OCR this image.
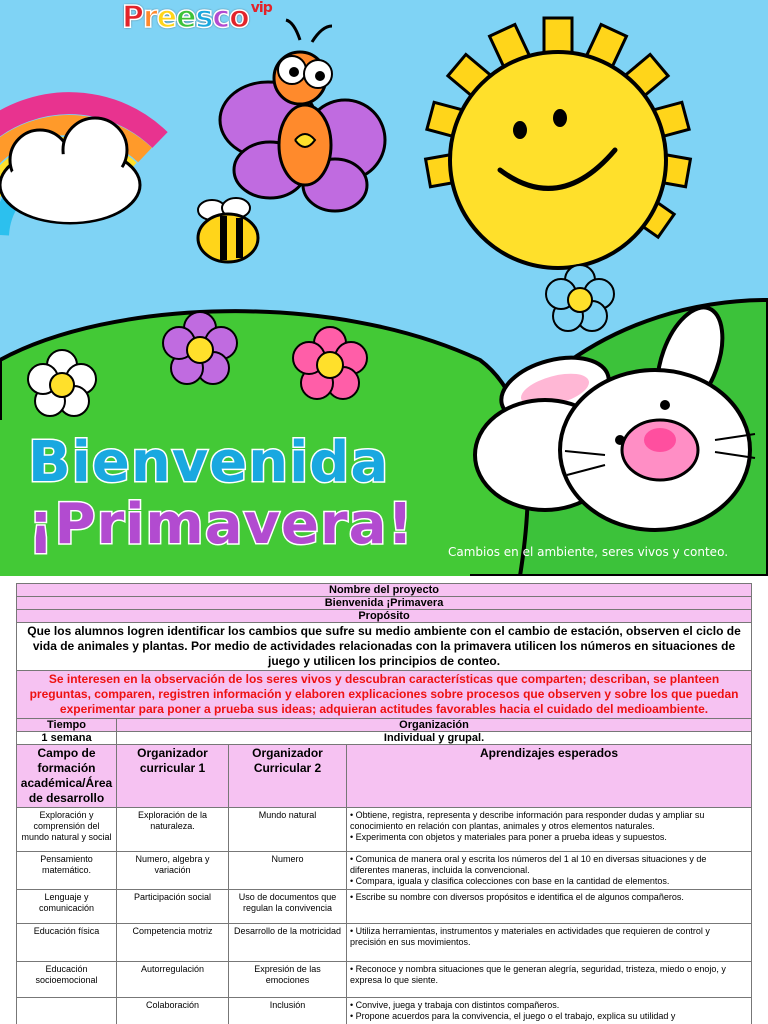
Preesco $^{vip}$
Bienvenida
¡Primavera!	Cambios en el ambiente, seres vivos y conteo.
Nombre del proyecto			
Bienvenida ¡Primavera			
Propósito			
Que los alumnos logren identificar los cambios que sufre su medio ambiente con el cambio de estación, observen el ciclo de vida de animales y plantas. Por medio de actividades relacionadas con la primavera utilicen los números en situaciones de juego y utilicen los principios de conteo.			
Se interesen en la observación de los seres vivos y descubran características que comparten; describan, se planteen preguntas, comparen, registren información y elaboren explicaciones sobre procesos que observen y sobre los que puedan experimentar para poner a prueba sus ideas; adquieran actitudes favorables hacia el cuidado del medioambiente.			
Tiempo	Organización		
1 semana	Individual y grupal.		
Campo de formación académica/Área de desarrollo	Organizador curricular 1	Organizador Curricular 2	Aprendizajes esperados
Exploración y comprensión del mundo natural y social	Exploración de la naturaleza.	Mundo natural	• Obtiene, registra, representa y describe información para responder dudas y ampliar su conocimiento en relación con plantas, animales y otros elementos naturales.
• Experimenta con objetos y materiales para poner a prueba ideas y supuestos.
Pensamiento matemático.	Numero, algebra y variación	Numero	• Comunica de manera oral y escrita los números del 1 al 10 en diversas situaciones y de diferentes maneras, incluida la convencional.
• Compara, iguala y clasifica colecciones con base en la cantidad de elementos.
Lenguaje y comunicación	Participación social	Uso de documentos que regulan la convivencia	• Escribe su nombre con diversos propósitos e identifica el de algunos compañeros.
Educación física	Competencia motriz	Desarrollo de la motricidad	• Utiliza herramientas, instrumentos y materiales en actividades que requieren de control y precisión en sus movimientos.
Educación socioemocional	Autorregulación	Expresión de las emociones	• Reconoce y nombra situaciones que le generan alegría, seguridad, tristeza, miedo o enojo, y expresa lo que siente.
	Colaboración	Inclusión	• Convive, juega y trabaja con distintos compañeros.
• Propone acuerdos para la convivencia, el juego o el trabajo, explica su utilidad y
